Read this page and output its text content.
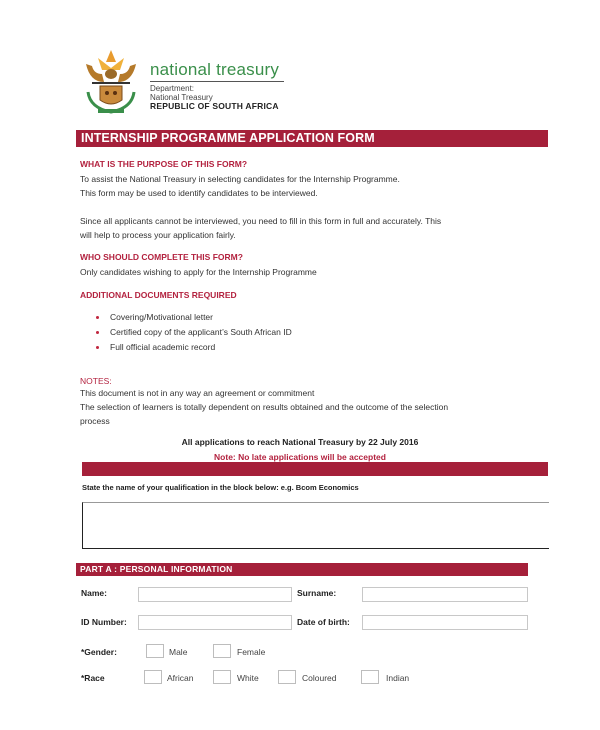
national treasury
Department:
National Treasury
REPUBLIC OF SOUTH AFRICA
INTERNSHIP PROGRAMME APPLICATION FORM
WHAT IS THE PURPOSE OF THIS FORM?
To assist the National Treasury in selecting candidates for the Internship Programme.
This form may be used to identify candidates to be interviewed.
Since all applicants cannot be interviewed, you need to fill in this form in full and accurately. This
will help to process your application fairly.
WHO SHOULD COMPLETE THIS FORM?
Only candidates wishing to apply for the Internship Programme
ADDITIONAL DOCUMENTS REQUIRED
Covering/Motivational letter
Certified copy of the applicant’s South African ID
Full official academic record
NOTES:
This document is not in any way an agreement or commitment
The selection of learners is totally dependent on results obtained and the outcome of the selection
process
All applications to reach National Treasury by 22 July 2016
Note: No late applications will be accepted
State the name of your qualification in the block below: e.g. Bcom Economics
PART A : PERSONAL INFORMATION
Name:	Surname:
ID Number:	Date of birth:
*Gender:	Male	Female
*Race	African	White	Coloured	Indian
